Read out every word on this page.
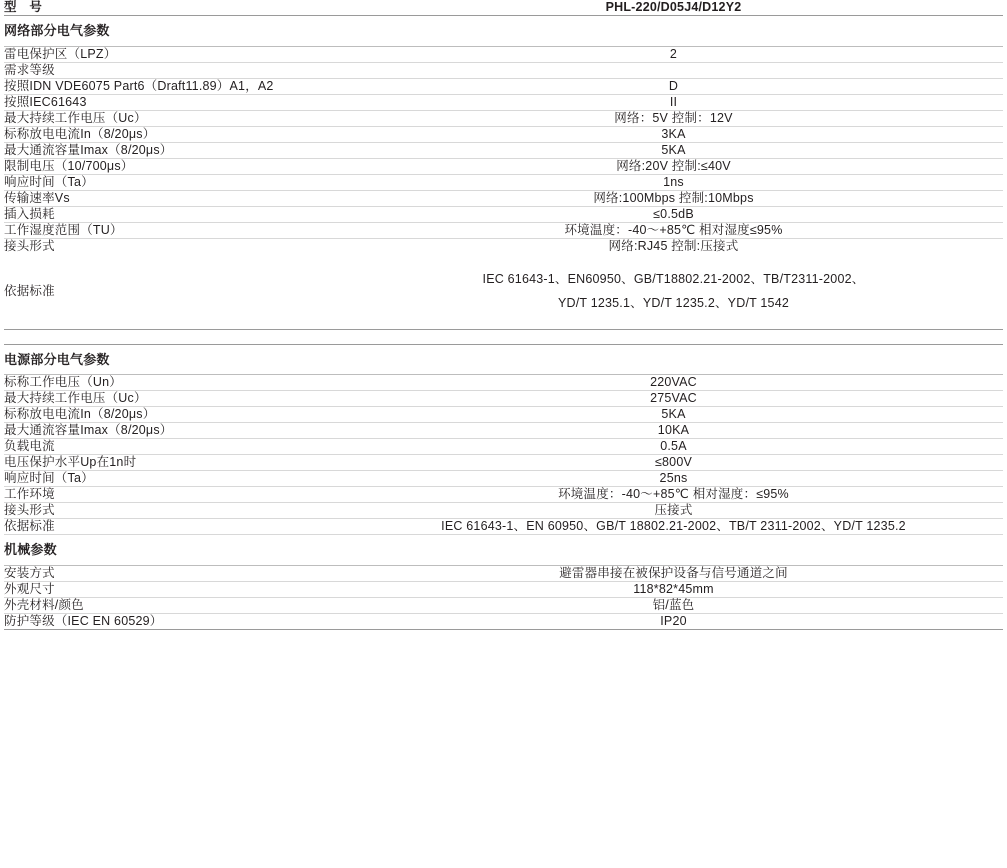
型　号	PHL-220/D05J4/D12Y2
网络部分电气参数	
雷电保护区（LPZ）	2
需求等级	
按照IDN VDE6075 Part6（Draft11.89）A1，A2	D
按照IEC61643	II
最大持续工作电压（Uc）	网络：5V 控制：12V
标称放电电流In（8/20μs）	3KA
最大通流容量Imax（8/20μs）	5KA
限制电压（10/700μs）	网络:20V 控制:≤40V
响应时间（Ta）	1ns
传输速率Vs	网络:100Mbps 控制:10Mbps
插入损耗	≤0.5dB
工作湿度范围（TU）	环境温度：-40～+85℃ 相对湿度≤95%
接头形式	网络:RJ45 控制:压接式
依据标准	IEC 61643-1、EN60950、GB/T18802.21-2002、TB/T2311-2002、
YD/T 1235.1、YD/T 1235.2、YD/T 1542

电源部分电气参数	
标称工作电压（Un）	220VAC
最大持续工作电压（Uc）	275VAC
标称放电电流In（8/20μs）	5KA
最大通流容量Imax（8/20μs）	10KA
负载电流	0.5A
电压保护水平Up在1n时	≤800V
响应时间（Ta）	25ns
工作环境	环境温度：-40～+85℃ 相对湿度：≤95%
接头形式	压接式
依据标准	IEC 61643-1、EN 60950、GB/T 18802.21-2002、TB/T 2311-2002、YD/T 1235.2
机械参数	
安装方式	避雷器串接在被保护设备与信号通道之间
外观尺寸	118*82*45mm
外壳材料/颜色	铝/蓝色
防护等级（IEC EN 60529）	IP20
